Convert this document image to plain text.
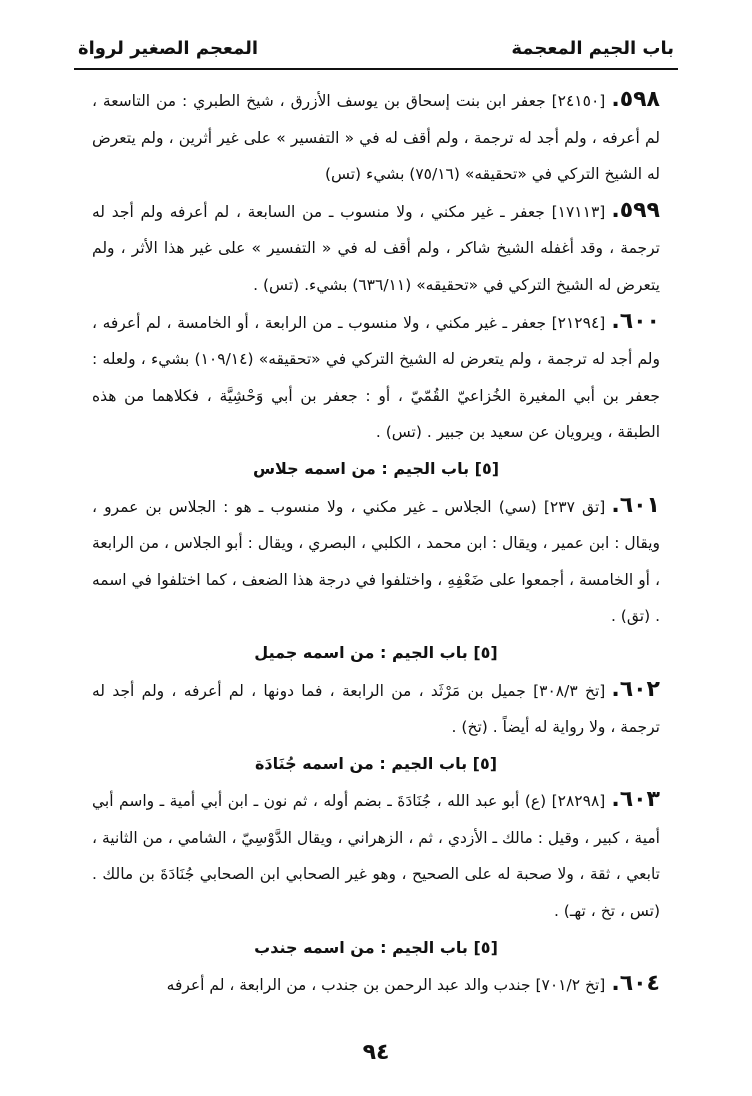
باب الجيم المعجمة
المعجم الصغير لرواة

٥٩٨.[٢٤١٥٠] جعفر ابن بنت إسحاق بن يوسف الأزرق ، شيخ الطبري : من التاسعة ، لم أعرفه ، ولم أجد له ترجمة ، ولم أقف له في « التفسير » على غير أثرين ، ولم يتعرض له الشيخ التركي في «تحقيقه» (٧٥/١٦) بشيء (تس)

٥٩٩.[١٧١١٣] جعفر ـ غير مكني ، ولا منسوب ـ من السابعة ، لم أعرفه ولم أجد له ترجمة ، وقد أغفله الشيخ شاكر ، ولم أقف له في « التفسير » على غير هذا الأثر ، ولم يتعرض له الشيخ التركي في «تحقيقه» (٦٣٦/١١) بشيء. (تس) .

٦٠٠.[٢١٢٩٤] جعفر ـ غير مكني ، ولا منسوب ـ من الرابعة ، أو الخامسة ، لم أعرفه ، ولم أجد له ترجمة ، ولم يتعرض له الشيخ التركي في «تحقيقه» (١٠٩/١٤) بشيء ، ولعله : جعفر بن أبي المغيرة الخُزاعيّ القُمّيّ ، أو : جعفر بن أبي وَحْشِيَّة ، فكلاهما من هذه الطبقة ، ويرويان عن سعيد بن جبير . (تس) .

[٥] باب الجيم : من اسمه جلاس

٦٠١.[تق ٢٣٧] (سي) الجلاس ـ غير مكني ، ولا منسوب ـ هو : الجلاس بن عمرو ، ويقال : ابن عمير ، ويقال : ابن محمد ، الكلبي ، البصري ، ويقال : أبو الجلاس ، من الرابعة ، أو الخامسة ، أجمعوا على ضَعْفِهِ ، واختلفوا في درجة هذا الضعف ، كما اختلفوا في اسمه . (تق) .

[٥] باب الجيم : من اسمه جميل

٦٠٢.[تخ ٣٠٨/٣] جميل بن مَرْثَد ، من الرابعة ، فما دونها ، لم أعرفه ، ولم أجد له ترجمة ، ولا رواية له أيضاً . (تخ) .

[٥] باب الجيم : من اسمه جُنَادَة

٦٠٣.[٢٨٢٩٨] (ع) أبو عبد الله ، جُنَادَةَ ـ بضم أوله ، ثم نون ـ ابن أبي أمية ـ واسم أبي أمية ، كبير ، وقيل : مالك ـ الأزدي ، ثم ، الزهراني ، ويقال الدَّوْسِيّ ، الشامي ، من الثانية ، تابعي ، ثقة ، ولا صحبة له على الصحيح ، وهو غير الصحابي ابن الصحابي جُنَادَةَ بن مالك . (تس ، تخ ، تهـ) .

[٥] باب الجيم : من اسمه جندب

٦٠٤.[تخ ٧٠١/٢] جندب والد عبد الرحمن بن جندب ، من الرابعة ، لم أعرفه

٩٤
